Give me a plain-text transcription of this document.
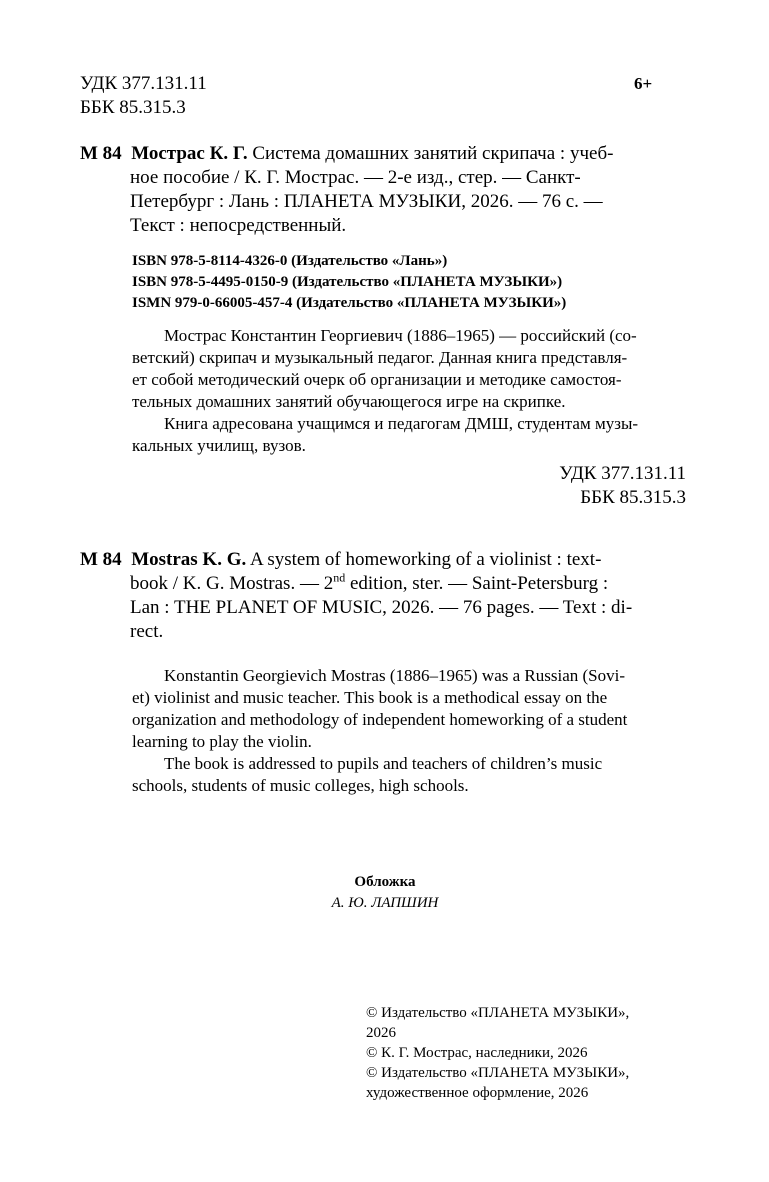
УДК 377.131.11
ББК 85.315.3
6+
М 84 Мострас К. Г. Система домашних занятий скрипача : учеб-
ное пособие / К. Г. Мострас. — 2-е изд., стер. — Санкт-
Петербург : Лань : ПЛАНЕТА МУЗЫКИ, 2026. — 76 с. —
Текст : непосредственный.
ISBN 978-5-8114-4326-0 (Издательство «Лань»)
ISBN 978-5-4495-0150-9 (Издательство «ПЛАНЕТА МУЗЫКИ»)
ISMN 979-0-66005-457-4 (Издательство «ПЛАНЕТА МУЗЫКИ»)

Мострас Константин Георгиевич (1886–1965) — российский (со-
ветский) скрипач и музыкальный педагог. Данная книга представля-
ет собой методический очерк об организации и методике самостоя-
тельных домашних занятий обучающегося игре на скрипке.

Книга адресована учащимся и педагогам ДМШ, студентам музы-
кальных училищ, вузов.

УДК 377.131.11
ББК 85.315.3
M 84 Mostras K. G. A system of homeworking of a violinist : text-
book / K. G. Mostras. — 2nd edition, ster. — Saint-Petersburg :
Lan : THE PLANET OF MUSIC, 2026. — 76 pages. — Text : di-
rect.

Konstantin Georgievich Mostras (1886–1965) was a Russian (Sovi-
et) violinist and music teacher. This book is a methodical essay on the
organization and methodology of independent homeworking of a student
learning to play the violin.

The book is addressed to pupils and teachers of children’s music
schools, students of music colleges, high schools.

Обложка
А. Ю. ЛАПШИН
© Издательство «ПЛАНЕТА МУЗЫКИ»,
2026
© К. Г. Мострас, наследники, 2026
© Издательство «ПЛАНЕТА МУЗЫКИ»,
художественное оформление, 2026
